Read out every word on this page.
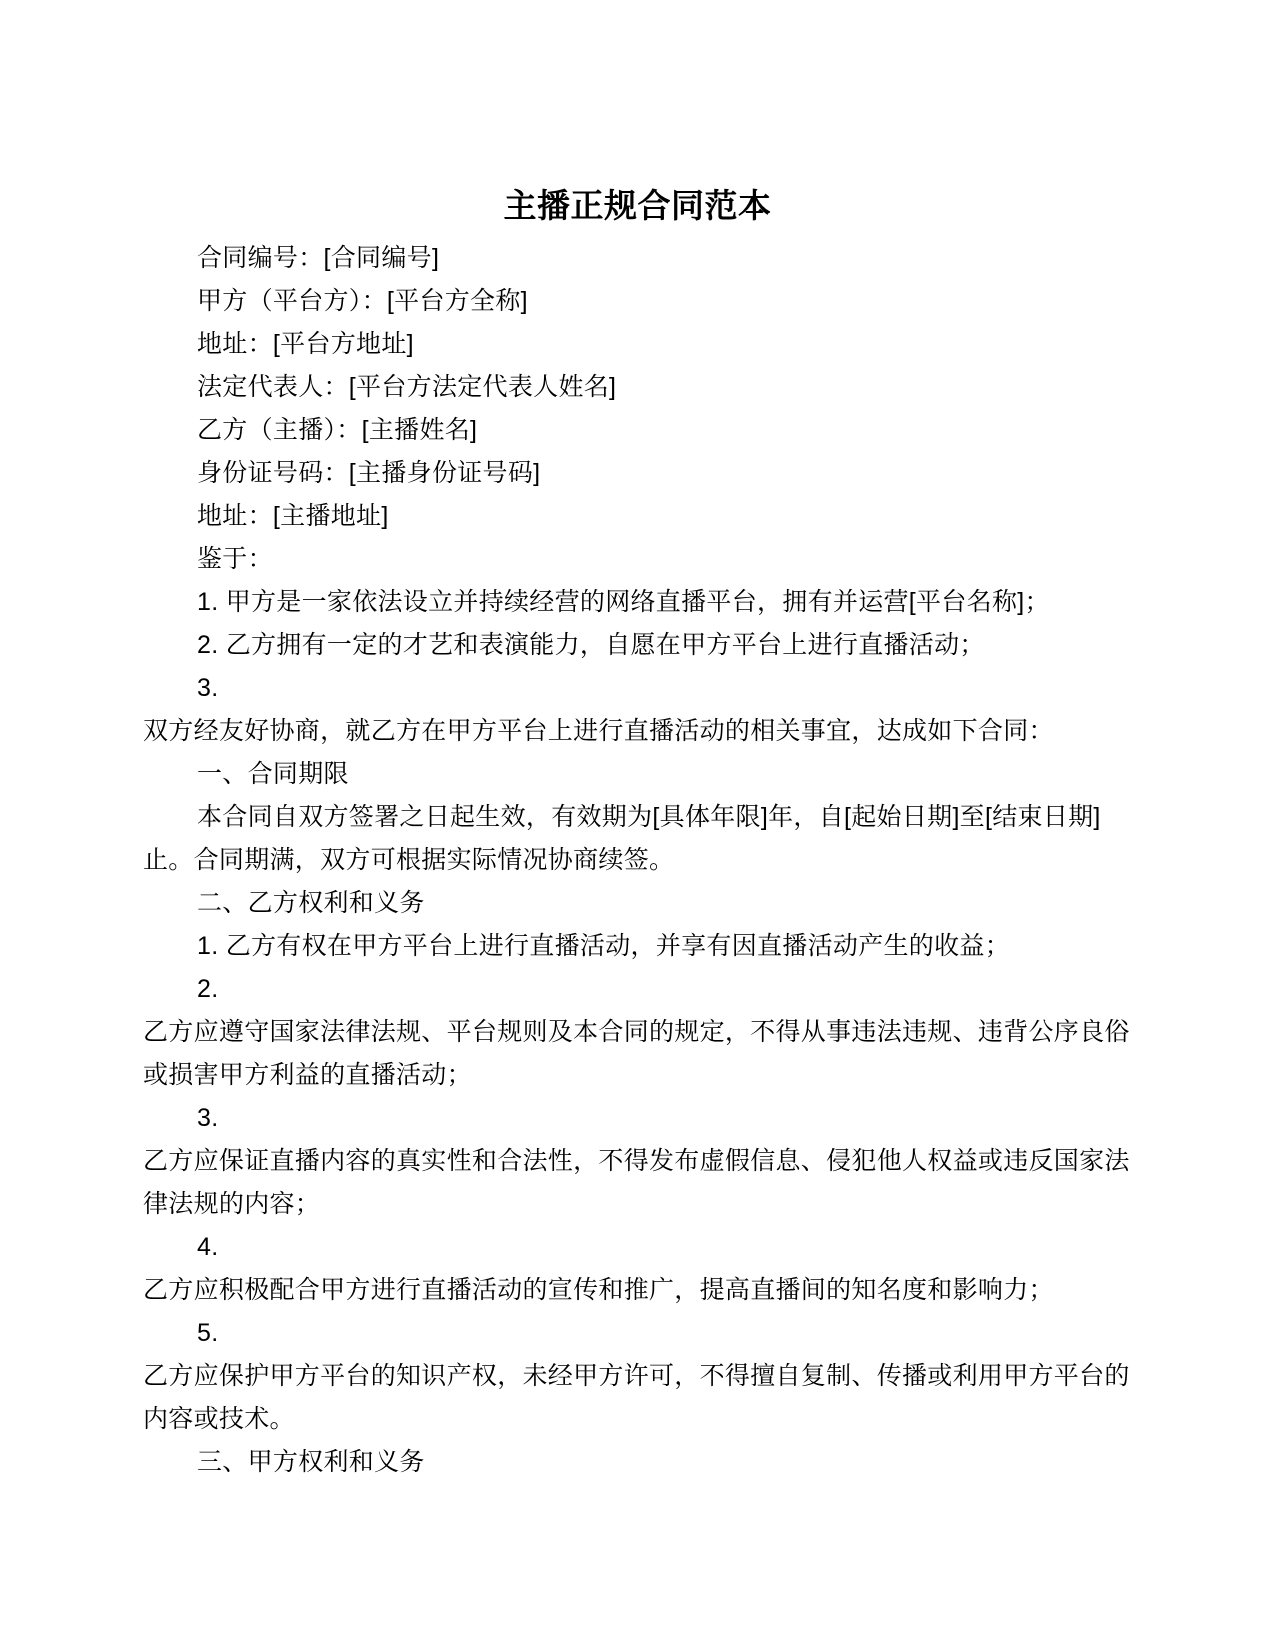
主播正规合同范本
合同编号：[合同编号]
甲方（平台方）：[平台方全称]
地址：[平台方地址]
法定代表人：[平台方法定代表人姓名]
乙方（主播）：[主播姓名]
身份证号码：[主播身份证号码]
地址：[主播地址]
鉴于：
1. 甲方是一家依法设立并持续经营的网络直播平台，拥有并运营[平台名称]；
2. 乙方拥有一定的才艺和表演能力，自愿在甲方平台上进行直播活动；
3.
双方经友好协商，就乙方在甲方平台上进行直播活动的相关事宜，达成如下合同：
一、合同期限
本合同自双方签署之日起生效，有效期为[具体年限]年，自[起始日期]至[结束日期]
止。合同期满，双方可根据实际情况协商续签。
二、乙方权利和义务
1. 乙方有权在甲方平台上进行直播活动，并享有因直播活动产生的收益；
2.
乙方应遵守国家法律法规、平台规则及本合同的规定，不得从事违法违规、违背公序良俗
或损害甲方利益的直播活动；
3.
乙方应保证直播内容的真实性和合法性，不得发布虚假信息、侵犯他人权益或违反国家法
律法规的内容；
4.
乙方应积极配合甲方进行直播活动的宣传和推广，提高直播间的知名度和影响力；
5.
乙方应保护甲方平台的知识产权，未经甲方许可，不得擅自复制、传播或利用甲方平台的
内容或技术。
三、甲方权利和义务
